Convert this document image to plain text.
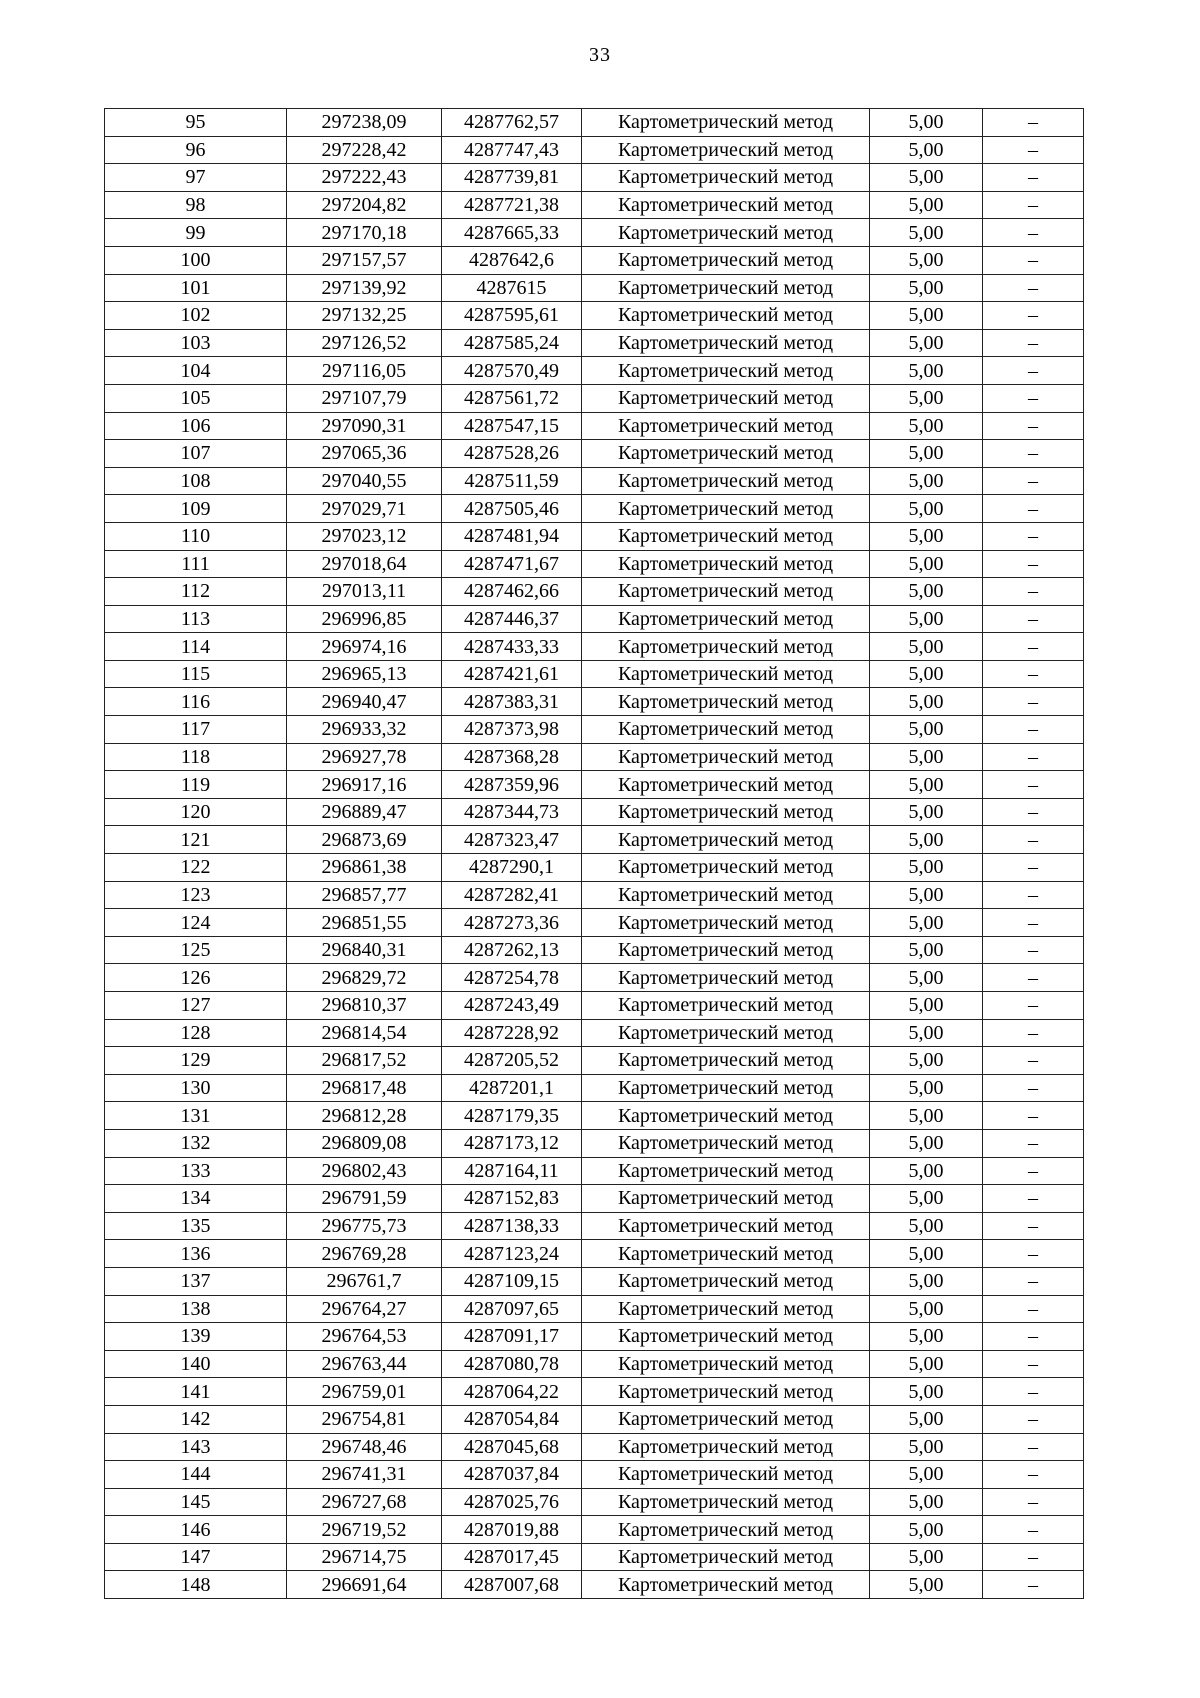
33
95	297238,09	4287762,57	Картометрический метод	5,00	–
96	297228,42	4287747,43	Картометрический метод	5,00	–
97	297222,43	4287739,81	Картометрический метод	5,00	–
98	297204,82	4287721,38	Картометрический метод	5,00	–
99	297170,18	4287665,33	Картометрический метод	5,00	–
100	297157,57	4287642,6	Картометрический метод	5,00	–
101	297139,92	4287615	Картометрический метод	5,00	–
102	297132,25	4287595,61	Картометрический метод	5,00	–
103	297126,52	4287585,24	Картометрический метод	5,00	–
104	297116,05	4287570,49	Картометрический метод	5,00	–
105	297107,79	4287561,72	Картометрический метод	5,00	–
106	297090,31	4287547,15	Картометрический метод	5,00	–
107	297065,36	4287528,26	Картометрический метод	5,00	–
108	297040,55	4287511,59	Картометрический метод	5,00	–
109	297029,71	4287505,46	Картометрический метод	5,00	–
110	297023,12	4287481,94	Картометрический метод	5,00	–
111	297018,64	4287471,67	Картометрический метод	5,00	–
112	297013,11	4287462,66	Картометрический метод	5,00	–
113	296996,85	4287446,37	Картометрический метод	5,00	–
114	296974,16	4287433,33	Картометрический метод	5,00	–
115	296965,13	4287421,61	Картометрический метод	5,00	–
116	296940,47	4287383,31	Картометрический метод	5,00	–
117	296933,32	4287373,98	Картометрический метод	5,00	–
118	296927,78	4287368,28	Картометрический метод	5,00	–
119	296917,16	4287359,96	Картометрический метод	5,00	–
120	296889,47	4287344,73	Картометрический метод	5,00	–
121	296873,69	4287323,47	Картометрический метод	5,00	–
122	296861,38	4287290,1	Картометрический метод	5,00	–
123	296857,77	4287282,41	Картометрический метод	5,00	–
124	296851,55	4287273,36	Картометрический метод	5,00	–
125	296840,31	4287262,13	Картометрический метод	5,00	–
126	296829,72	4287254,78	Картометрический метод	5,00	–
127	296810,37	4287243,49	Картометрический метод	5,00	–
128	296814,54	4287228,92	Картометрический метод	5,00	–
129	296817,52	4287205,52	Картометрический метод	5,00	–
130	296817,48	4287201,1	Картометрический метод	5,00	–
131	296812,28	4287179,35	Картометрический метод	5,00	–
132	296809,08	4287173,12	Картометрический метод	5,00	–
133	296802,43	4287164,11	Картометрический метод	5,00	–
134	296791,59	4287152,83	Картометрический метод	5,00	–
135	296775,73	4287138,33	Картометрический метод	5,00	–
136	296769,28	4287123,24	Картометрический метод	5,00	–
137	296761,7	4287109,15	Картометрический метод	5,00	–
138	296764,27	4287097,65	Картометрический метод	5,00	–
139	296764,53	4287091,17	Картометрический метод	5,00	–
140	296763,44	4287080,78	Картометрический метод	5,00	–
141	296759,01	4287064,22	Картометрический метод	5,00	–
142	296754,81	4287054,84	Картометрический метод	5,00	–
143	296748,46	4287045,68	Картометрический метод	5,00	–
144	296741,31	4287037,84	Картометрический метод	5,00	–
145	296727,68	4287025,76	Картометрический метод	5,00	–
146	296719,52	4287019,88	Картометрический метод	5,00	–
147	296714,75	4287017,45	Картометрический метод	5,00	–
148	296691,64	4287007,68	Картометрический метод	5,00	–
